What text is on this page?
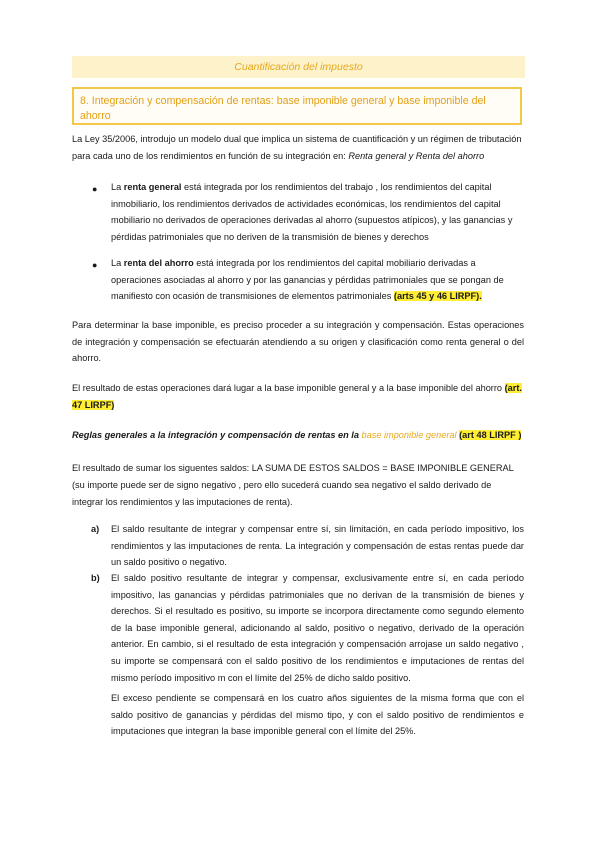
Cuantificación del impuesto
8. Integración y compensación de rentas: base imponible general y base imponible del ahorro

La Ley 35/2006, introdujo un modelo dual que implica un sistema de cuantificación y un régimen de tributación para cada uno de los rendimientos en función de su integración en: Renta general y Renta del ahorro

● La renta general está integrada por los rendimientos del trabajo , los rendimientos del capital inmobiliario, los rendimientos derivados de actividades económicas, los rendimientos del capital mobiliario no derivados de operaciones derivadas al ahorro (supuestos atípicos), y las ganancias y pérdidas patrimoniales que no deriven de la transmisión de bienes y derechos

● La renta del ahorro está integrada por los rendimientos del capital mobiliario derivadas a operaciones asociadas al ahorro y por las ganancias y pérdidas patrimoniales que se pongan de manifiesto con ocasión de transmisiones de elementos patrimoniales (arts 45 y 46 LIRPF).

Para determinar la base imponible, es preciso proceder a su integración y compensación. Estas operaciones de integración y compensación se efectuarán atendiendo a su origen y clasificación como renta general o del ahorro.

El resultado de estas operaciones dará lugar a la base imponible general y a la base imponible del ahorro (art. 47 LIRPF)

Reglas generales a la integración y compensación de rentas en la base imponible general (art 48 LIRPF )

El resultado de sumar los siguentes saldos: LA SUMA DE ESTOS SALDOS = BASE IMPONIBLE GENERAL

(su importe puede ser de signo negativo , pero ello sucederá cuando sea negativo el saldo derivado de integrar los rendimientos y las imputaciones de renta).

a) El saldo resultante de integrar y compensar entre sí, sin limitación, en cada período impositivo, los rendimientos y las imputaciones de renta. La integración y compensación de estas rentas puede dar un saldo positivo o negativo.

b) El saldo positivo resultante de integrar y compensar, exclusivamente entre sí, en cada período impositivo, las ganancias y pérdidas patrimoniales que no derivan de la transmisión de bienes y derechos. Si el resultado es positivo, su importe se incorpora directamente como segundo elemento de la base imponible general, adicionando al saldo, positivo o negativo, derivado de la operación anterior. En cambio, si el resultado de esta integración y compensación arrojase un saldo negativo , su importe se compensará con el saldo positivo de los rendimientos e imputaciones de rentas del mismo período impositivo m con el límite del 25% de dicho saldo positivo.

El exceso pendiente se compensará en los cuatro años siguientes de la misma forma que con el saldo positivo de ganancias y pérdidas del mismo tipo, y con el saldo positivo de rendimientos e imputaciones que integran la base imponible general con el límite del 25%.
